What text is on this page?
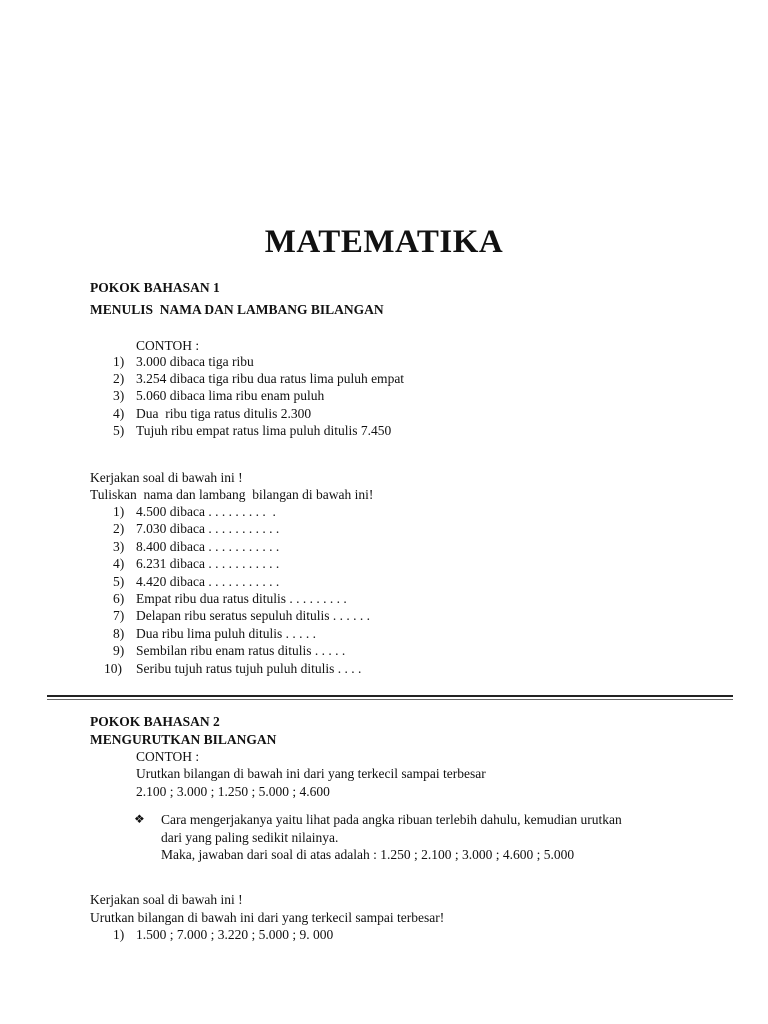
MATEMATIKA
POKOK BAHASAN 1
MENULIS  NAMA DAN LAMBANG BILANGAN
CONTOH :
1) 3.000 dibaca tiga ribu
2) 3.254 dibaca tiga ribu dua ratus lima puluh empat
3) 5.060 dibaca lima ribu enam puluh
4) Dua  ribu tiga ratus ditulis 2.300
5) Tujuh ribu empat ratus lima puluh ditulis 7.450
Kerjakan soal di bawah ini !
Tuliskan  nama dan lambang  bilangan di bawah ini!
1) 4.500 dibaca . . . . . . . . .  .
2) 7.030 dibaca . . . . . . . . . . .
3) 8.400 dibaca . . . . . . . . . . .
4) 6.231 dibaca . . . . . . . . . . .
5) 4.420 dibaca . . . . . . . . . . .
6) Empat ribu dua ratus ditulis . . . . . . . . .
7) Delapan ribu seratus sepuluh ditulis . . . . . .
8) Dua ribu lima puluh ditulis . . . . .
9) Sembilan ribu enam ratus ditulis . . . . .
10) Seribu tujuh ratus tujuh puluh ditulis . . . .
POKOK BAHASAN 2
MENGURUTKAN BILANGAN
CONTOH :
Urutkan bilangan di bawah ini dari yang terkecil sampai terbesar
2.100 ; 3.000 ; 1.250 ; 5.000 ; 4.600
❖ Cara mengerjakanya yaitu lihat pada angka ribuan terlebih dahulu, kemudian urutkan
dari yang paling sedikit nilainya.
Maka, jawaban dari soal di atas adalah : 1.250 ; 2.100 ; 3.000 ; 4.600 ; 5.000
Kerjakan soal di bawah ini !
Urutkan bilangan di bawah ini dari yang terkecil sampai terbesar!
1) 1.500 ; 7.000 ; 3.220 ; 5.000 ; 9. 000
